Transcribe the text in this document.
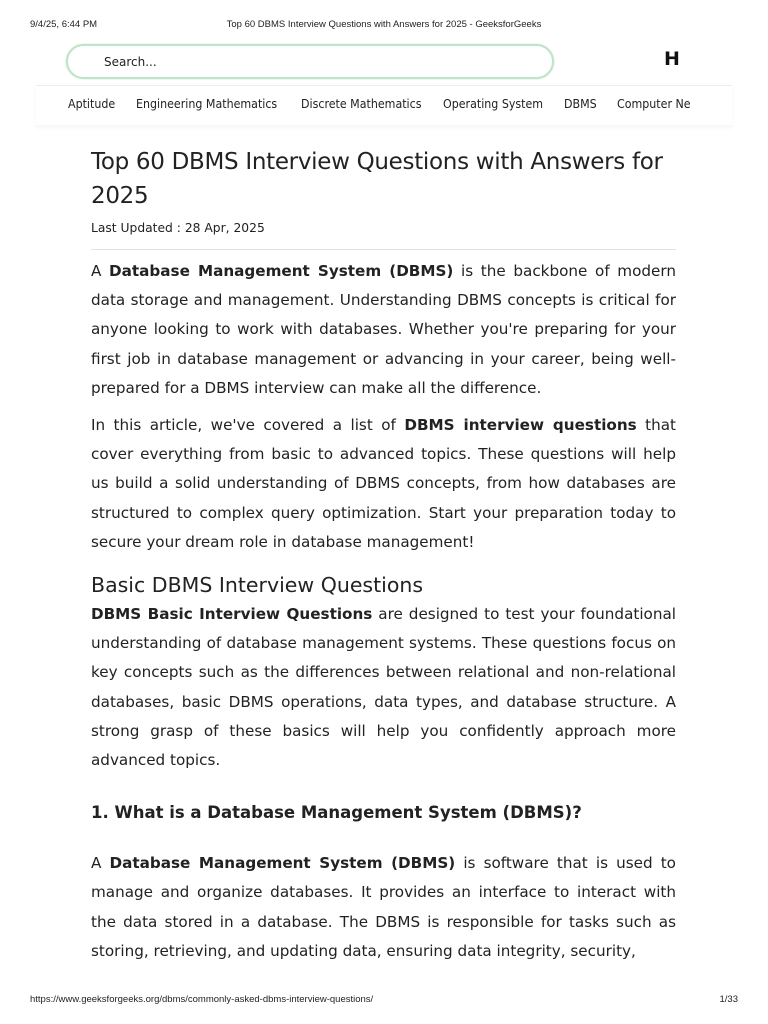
9/4/25, 6:44 PM	Top 60 DBMS Interview Questions with Answers for 2025 - GeeksforGeeks
Search...
H
Aptitude Engineering Mathematics Discrete Mathematics Operating System DBMS Computer Ne
Top 60 DBMS Interview Questions with Answers for 2025
Last Updated : 28 Apr, 2025

A Database Management System (DBMS) is the backbone of modern data storage and management. Understanding DBMS concepts is critical for anyone looking to work with databases. Whether you're preparing for your first job in database management or advancing in your career, being well-prepared for a DBMS interview can make all the difference.

In this article, we've covered a list of DBMS interview questions that cover everything from basic to advanced topics. These questions will help us build a solid understanding of DBMS concepts, from how databases are structured to complex query optimization. Start your preparation today to secure your dream role in database management!

Basic DBMS Interview Questions

DBMS Basic Interview Questions are designed to test your foundational understanding of database management systems. These questions focus on key concepts such as the differences between relational and non-relational databases, basic DBMS operations, data types, and database structure. A strong grasp of these basics will help you confidently approach more advanced topics.

1. What is a Database Management System (DBMS)?

A Database Management System (DBMS) is software that is used to manage and organize databases. It provides an interface to interact with the data stored in a database. The DBMS is responsible for tasks such as storing, retrieving, and updating data, ensuring data integrity, security,

https://www.geeksforgeeks.org/dbms/commonly-asked-dbms-interview-questions/	1/33
